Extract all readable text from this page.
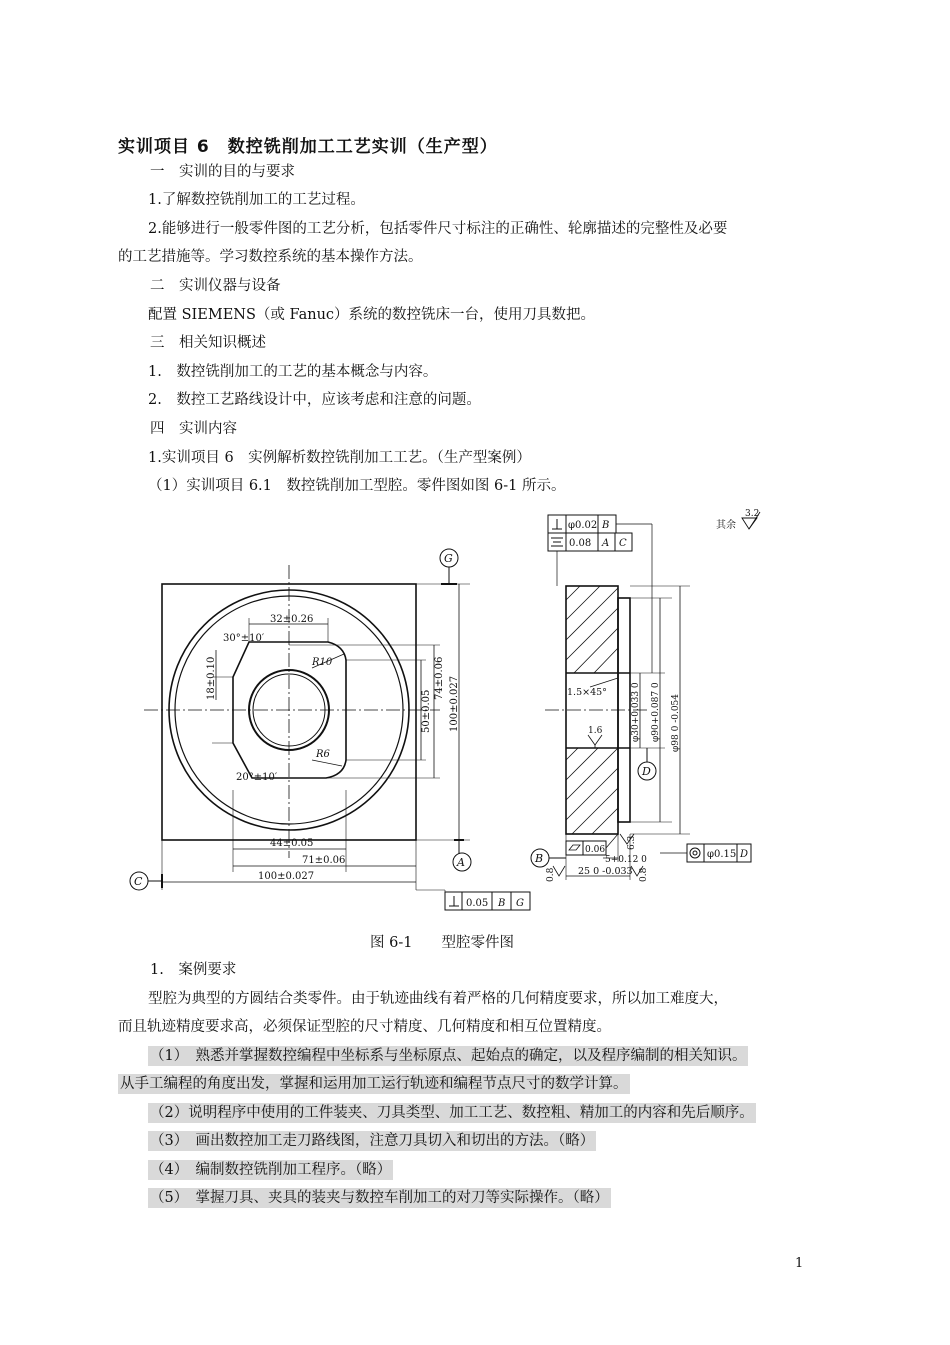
实训项目 6　数控铣削加工工艺实训（生产型）
一　实训的目的与要求
1.了解数控铣削加工的工艺过程。
2.能够进行一般零件图的工艺分析，包括零件尺寸标注的正确性、轮廓描述的完整性及必要
的工艺措施等。学习数控系统的基本操作方法。
二　实训仪器与设备
配置 SIEMENS（或 Fanuc）系统的数控铣床一台，使用刀具数把。
三　相关知识概述
1.　数控铣削加工的工艺的基本概念与内容。
2.　数控工艺路线设计中，应该考虑和注意的问题。
四　实训内容
1.实训项目 6　实例解析数控铣削加工工艺。（生产型案例）
（1）实训项目 6.1　数控铣削加工型腔。零件图如图 6-1 所示。
G
A
C
B
D
32±0.26
30°±10′
R10
R6
20°±10′
44±0.05
71±0.06
100±0.027
18±0.10
50±0.05
74±0.06 100±0.027
0.05 B G
φ0.02 B
0.08 A C
其余
3.2
1.5×45°
1.6	φ30+0.033 0 φ90+0.087 0 φ98 0 -0.054
0.06
5+0.12 0
6.3
25 0 -0.033
0.8	0.8
φ0.15 D
图 6-1　　型腔零件图
1.　案例要求
型腔为典型的方圆结合类零件。由于轨迹曲线有着严格的几何精度要求，所以加工难度大，
而且轨迹精度要求高，必须保证型腔的尺寸精度、几何精度和相互位置精度。
（1）　熟悉并掌握数控编程中坐标系与坐标原点、起始点的确定，以及程序编制的相关知识。
从手工编程的角度出发，掌握和运用加工运行轨迹和编程节点尺寸的数学计算。
（2）说明程序中使用的工件装夹、刀具类型、加工工艺、数控粗、精加工的内容和先后顺序。
（3）　画出数控加工走刀路线图，注意刀具切入和切出的方法。（略）
（4）　编制数控铣削加工程序。（略）
（5）　掌握刀具、夹具的装夹与数控车削加工的对刀等实际操作。（略）
1
